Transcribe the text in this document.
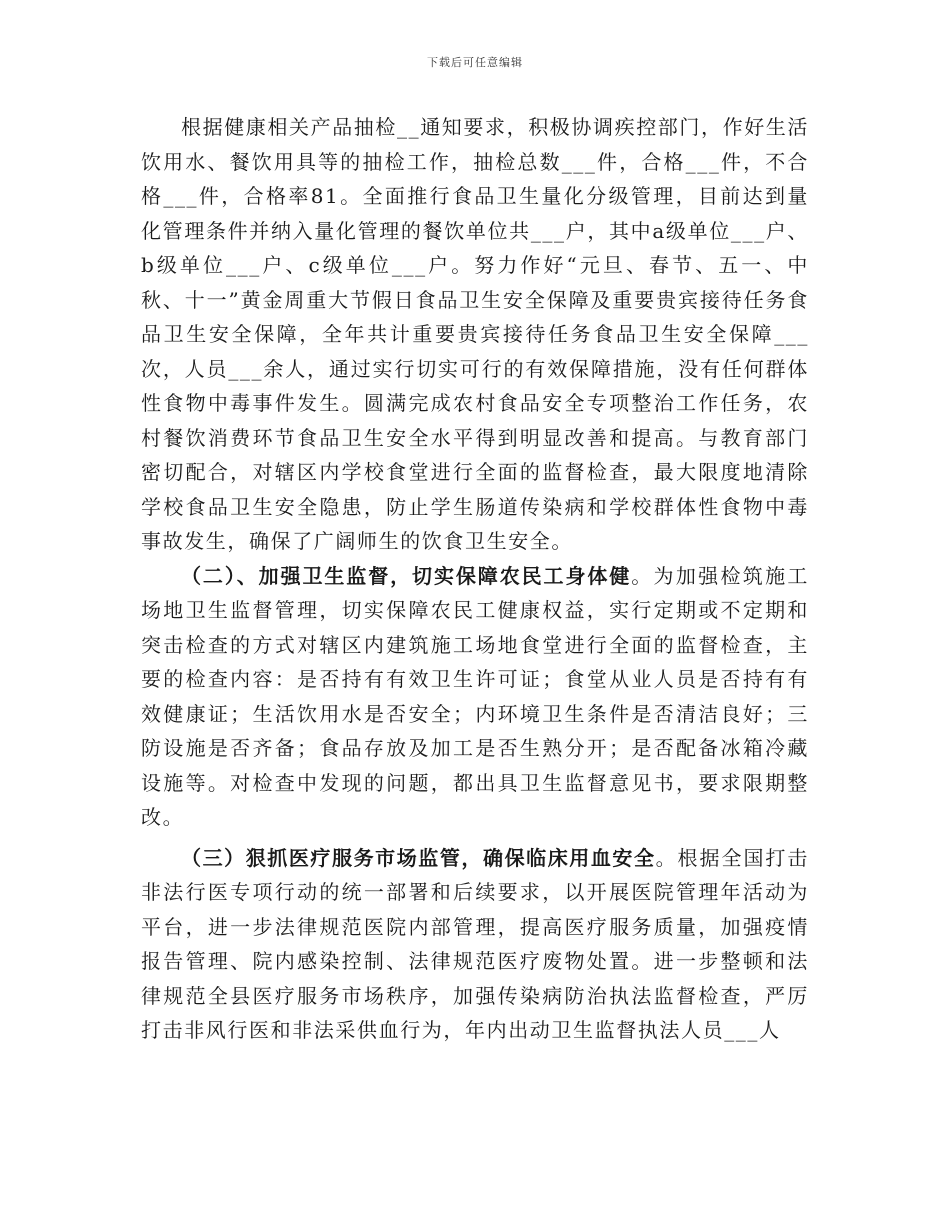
下载后可任意编辑

根据健康相关产品抽检__通知要求，积极协调疾控部门，作好生活饮用水、餐饮用具等的抽检工作，抽检总数___件，合格___件，不合格___件，合格率81。全面推行食品卫生量化分级管理，目前达到量化管理条件并纳入量化管理的餐饮单位共___户，其中a级单位___户、b级单位___户、c级单位___户。努力作好“元旦、春节、五一、中秋、十一”黄金周重大节假日食品卫生安全保障及重要贵宾接待任务食品卫生安全保障，全年共计重要贵宾接待任务食品卫生安全保障___次，人员___余人，通过实行切实可行的有效保障措施，没有任何群体性食物中毒事件发生。圆满完成农村食品安全专项整治工作任务，农村餐饮消费环节食品卫生安全水平得到明显改善和提高。与教育部门密切配合，对辖区内学校食堂进行全面的监督检查，最大限度地清除学校食品卫生安全隐患，防止学生肠道传染病和学校群体性食物中毒事故发生，确保了广阔师生的饮食卫生安全。

（二）、加强卫生监督，切实保障农民工身体健。为加强检筑施工场地卫生监督管理，切实保障农民工健康权益，实行定期或不定期和突击检查的方式对辖区内建筑施工场地食堂进行全面的监督检查，主要的检查内容：是否持有有效卫生许可证；食堂从业人员是否持有有效健康证；生活饮用水是否安全；内环境卫生条件是否清洁良好；三防设施是否齐备；食品存放及加工是否生熟分开；是否配备冰箱冷藏设施等。对检查中发现的问题，都出具卫生监督意见书，要求限期整改。

（三）狠抓医疗服务市场监管，确保临床用血安全。根据全国打击非法行医专项行动的统一部署和后续要求，以开展医院管理年活动为平台，进一步法律规范医院内部管理，提高医疗服务质量，加强疫情报告管理、院内感染控制、法律规范医疗废物处置。进一步整顿和法律规范全县医疗服务市场秩序，加强传染病防治执法监督检查，严厉打击非风行医和非法采供血行为，年内出动卫生监督执法人员___人
